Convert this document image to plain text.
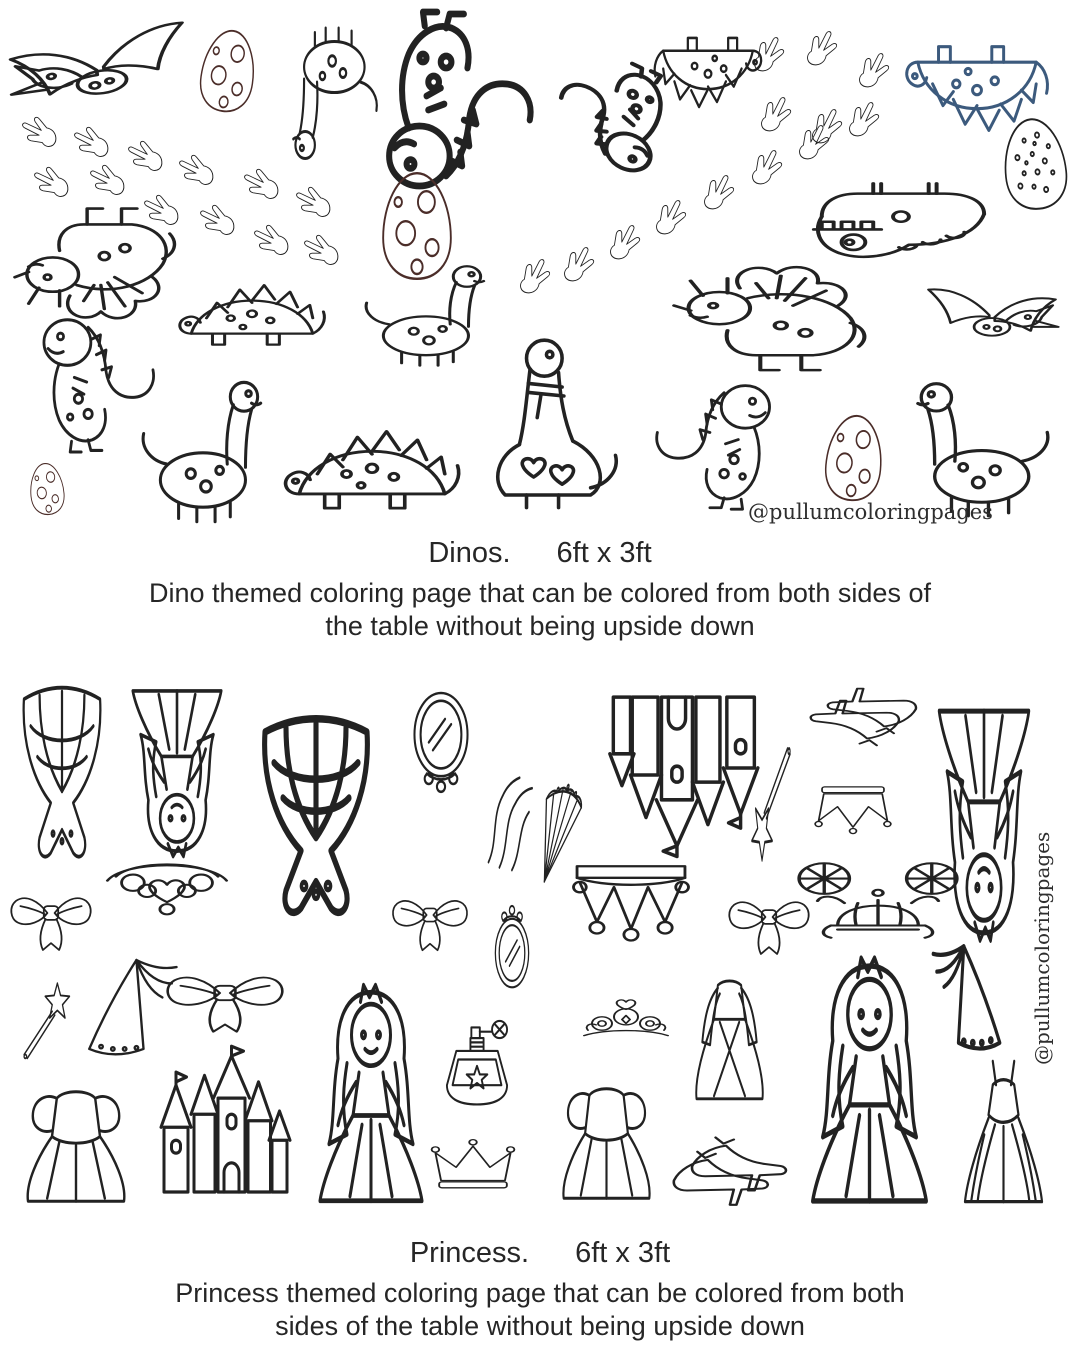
Dinos. 6ft x 3ft
Dino themed coloring page that can be colored from both sides of
the table without being upside down
@pullumcoloringpages
@pullumcoloringpages
Princess. 6ft x 3ft
Princess themed coloring page that can be colored from both
sides of the table without being upside down
